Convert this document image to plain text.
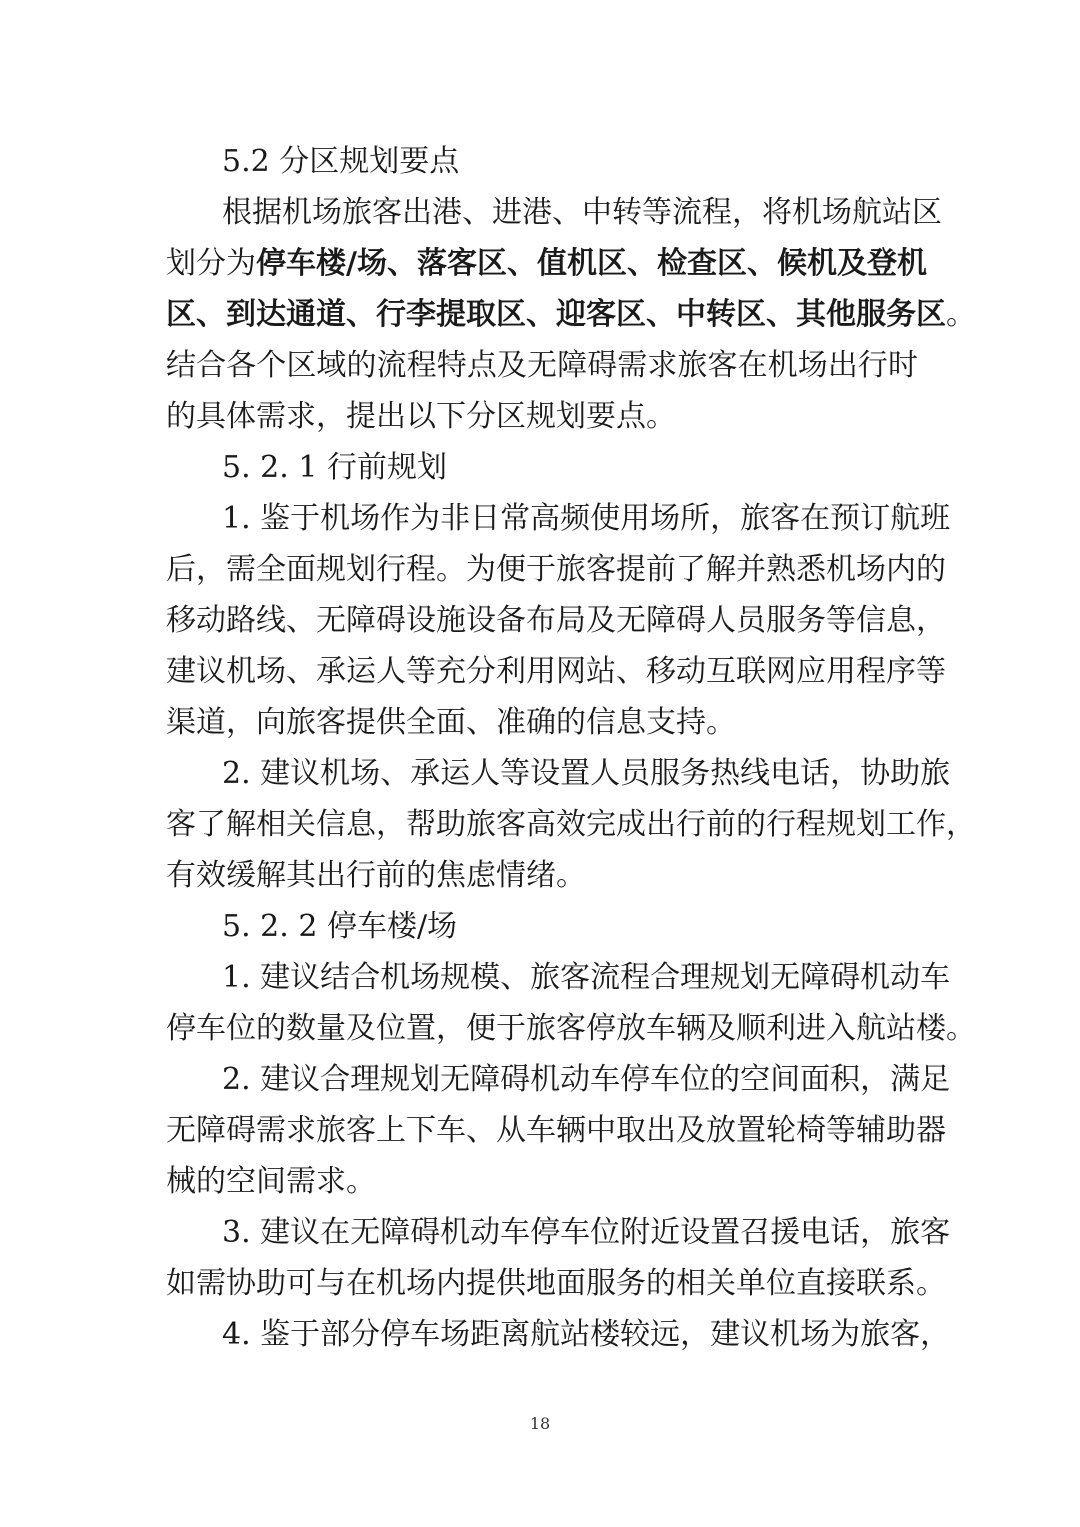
5.2 分区规划要点
根据机场旅客出港、进港、中转等流程，将机场航站区
划分为停车楼/场、落客区、值机区、检查区、候机及登机
区、到达通道、行李提取区、迎客区、中转区、其他服务区。
结合各个区域的流程特点及无障碍需求旅客在机场出行时
的具体需求，提出以下分区规划要点。
5. 2. 1 行前规划
1. 鉴于机场作为非日常高频使用场所，旅客在预订航班
后，需全面规划行程。为便于旅客提前了解并熟悉机场内的
移动路线、无障碍设施设备布局及无障碍人员服务等信息，
建议机场、承运人等充分利用网站、移动互联网应用程序等
渠道，向旅客提供全面、准确的信息支持。
2. 建议机场、承运人等设置人员服务热线电话，协助旅
客了解相关信息，帮助旅客高效完成出行前的行程规划工作，
有效缓解其出行前的焦虑情绪。
5. 2. 2 停车楼/场
1. 建议结合机场规模、旅客流程合理规划无障碍机动车
停车位的数量及位置，便于旅客停放车辆及顺利进入航站楼。
2. 建议合理规划无障碍机动车停车位的空间面积，满足
无障碍需求旅客上下车、从车辆中取出及放置轮椅等辅助器
械的空间需求。
3. 建议在无障碍机动车停车位附近设置召援电话，旅客
如需协助可与在机场内提供地面服务的相关单位直接联系。
4. 鉴于部分停车场距离航站楼较远，建议机场为旅客，
18
